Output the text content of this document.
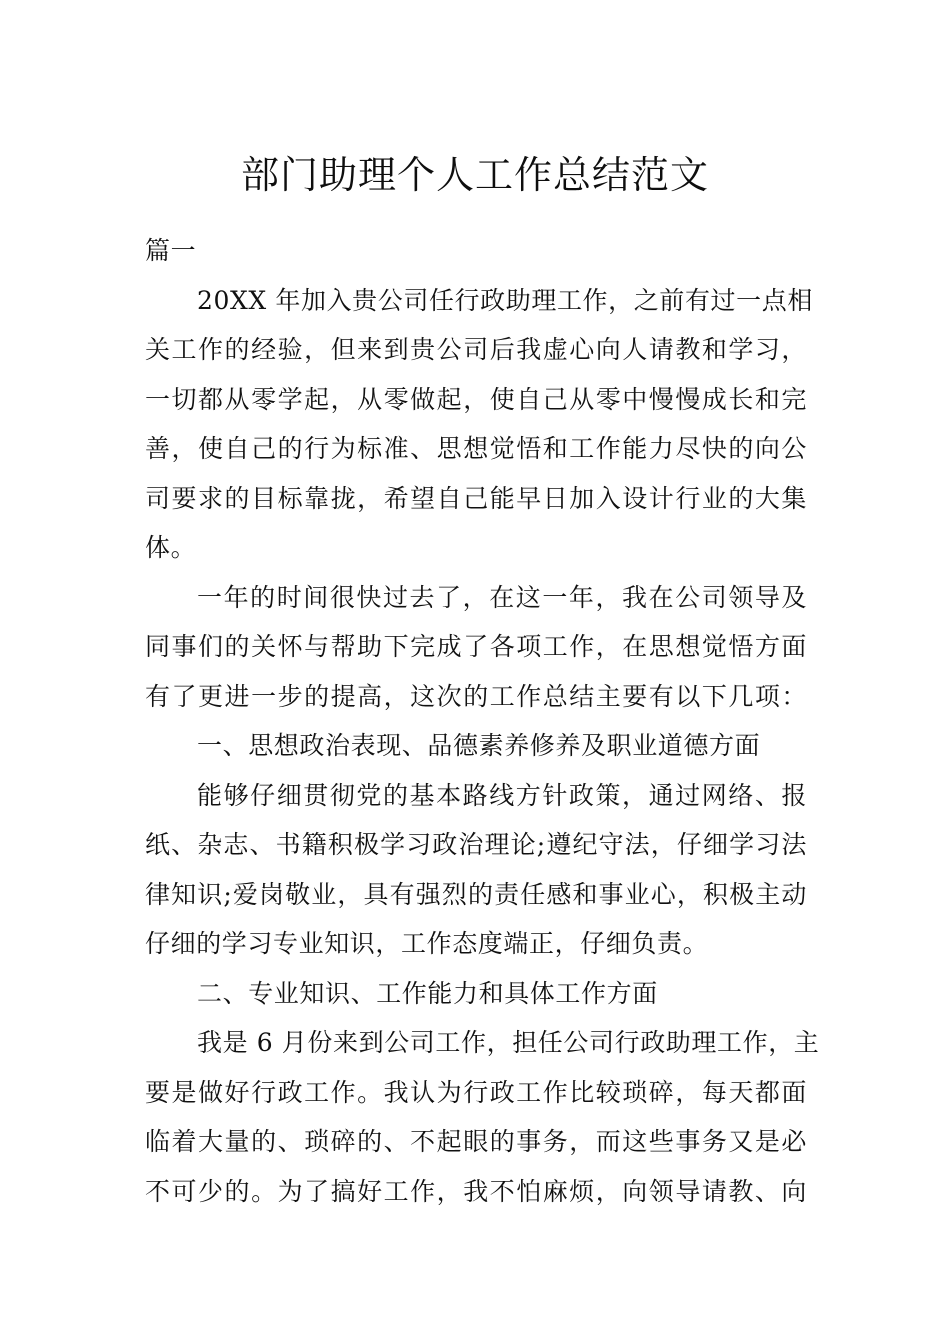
部门助理个人工作总结范文
篇一
20XX 年加入贵公司任行政助理工作，之前有过一点相
关工作的经验，但来到贵公司后我虚心向人请教和学习，
一切都从零学起，从零做起，使自己从零中慢慢成长和完
善，使自己的行为标准、思想觉悟和工作能力尽快的向公
司要求的目标靠拢，希望自己能早日加入设计行业的大集
体。
一年的时间很快过去了，在这一年，我在公司领导及
同事们的关怀与帮助下完成了各项工作，在思想觉悟方面
有了更进一步的提高，这次的工作总结主要有以下几项：
一、思想政治表现、品德素养修养及职业道德方面
能够仔细贯彻党的基本路线方针政策，通过网络、报
纸、杂志、书籍积极学习政治理论;遵纪守法，仔细学习法
律知识;爱岗敬业，具有强烈的责任感和事业心，积极主动
仔细的学习专业知识，工作态度端正，仔细负责。
二、专业知识、工作能力和具体工作方面
我是 6 月份来到公司工作，担任公司行政助理工作，主
要是做好行政工作。我认为行政工作比较琐碎，每天都面
临着大量的、琐碎的、不起眼的事务，而这些事务又是必
不可少的。为了搞好工作，我不怕麻烦，向领导请教、向
